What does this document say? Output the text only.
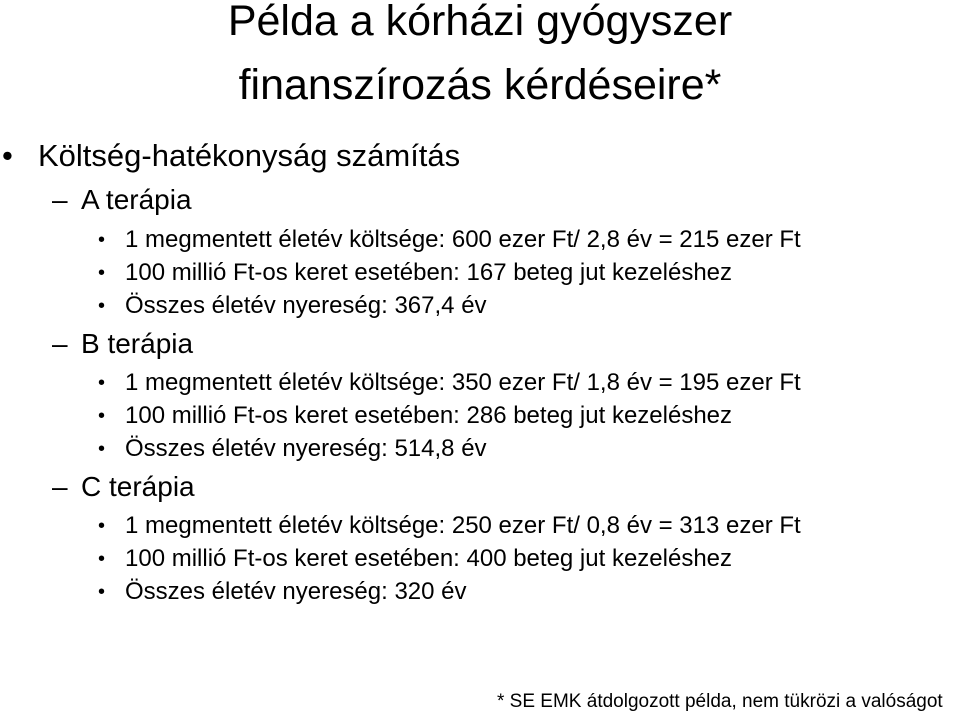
Példa a kórházi gyógyszer
finanszírozás kérdéseire*
• Költség-hatékonyság számítás
– A terápia
• 1 megmentett életév költsége: 600 ezer Ft/ 2,8 év = 215 ezer Ft
• 100 millió Ft-os keret esetében: 167 beteg jut kezeléshez
• Összes életév nyereség: 367,4 év
– B terápia
• 1 megmentett életév költsége: 350 ezer Ft/ 1,8 év = 195 ezer Ft
• 100 millió Ft-os keret esetében: 286 beteg jut kezeléshez
• Összes életév nyereség: 514,8 év
– C terápia
• 1 megmentett életév költsége: 250 ezer Ft/ 0,8 év = 313 ezer Ft
• 100 millió Ft-os keret esetében: 400 beteg jut kezeléshez
• Összes életév nyereség: 320 év
* SE EMK átdolgozott példa, nem tükrözi a valóságot
